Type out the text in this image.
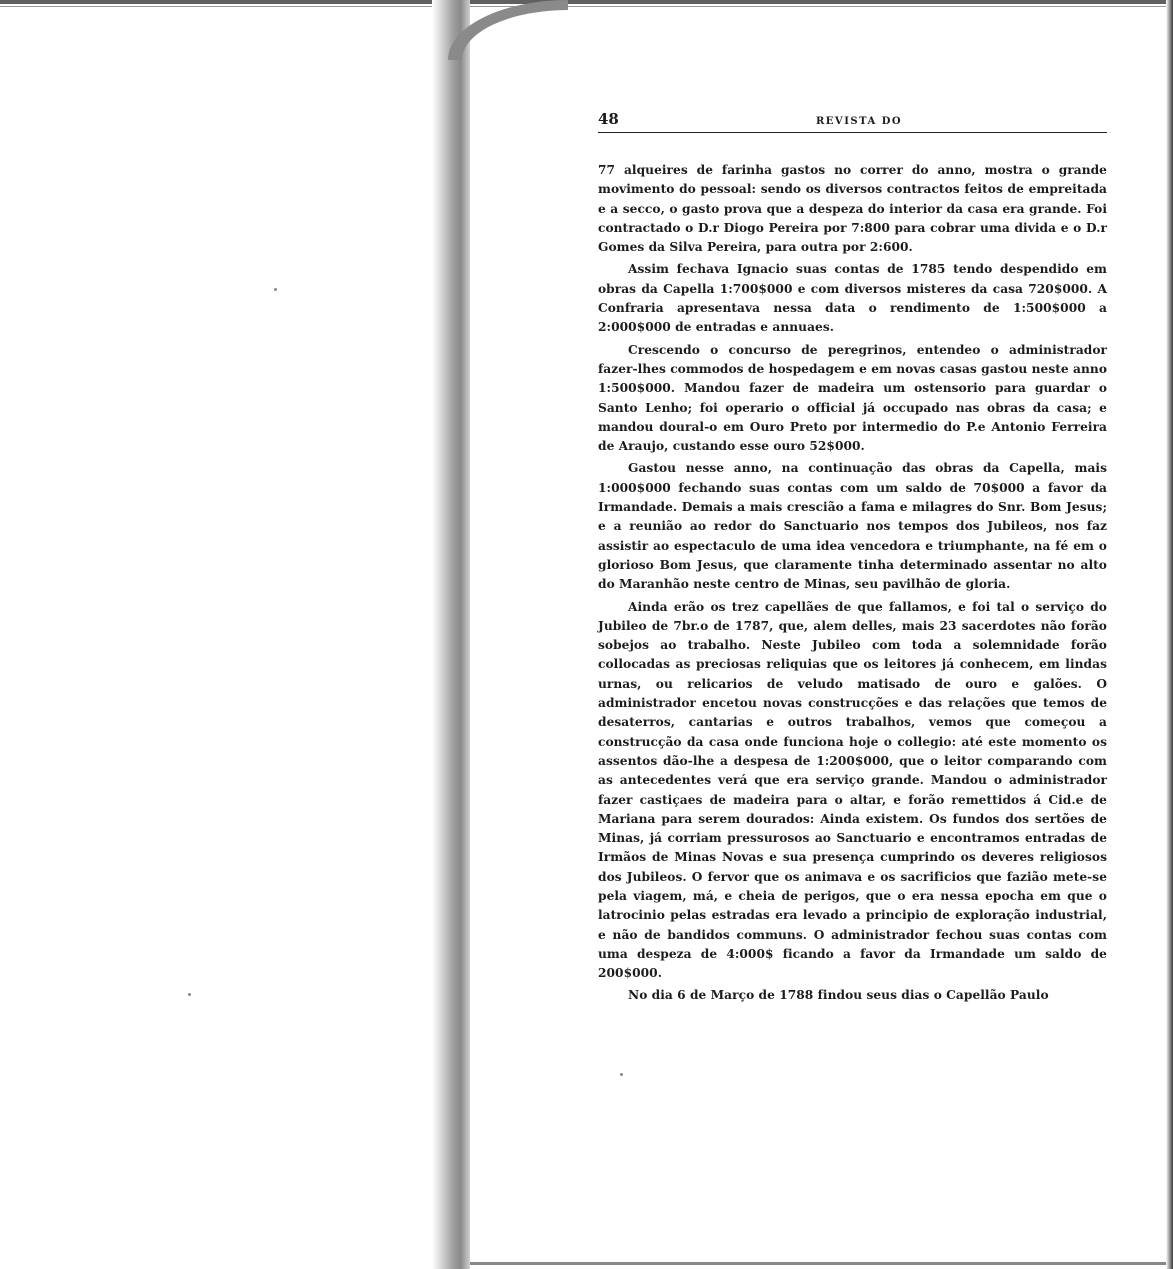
48	REVISTA DO

77 alqueires de farinha gastos no correr do anno, mostra o grande movimento do pessoal: sendo os diversos contractos feitos de empreitada e a secco, o gasto prova que a despeza do interior da casa era grande. Foi contractado o D.r Diogo Pereira por 7:800 para cobrar uma divida e o D.r Gomes da Silva Pereira, para outra por 2:600.

Assim fechava Ignacio suas contas de 1785 tendo despendido em obras da Capella 1:700$000 e com diversos misteres da casa 720$000. A Confraria apresentava nessa data o rendimento de 1:500$000 a 2:000$000 de entradas e annuaes.

Crescendo o concurso de peregrinos, entendeo o administrador fazer-lhes commodos de hospedagem e em novas casas gastou neste anno 1:500$000. Mandou fazer de madeira um ostensorio para guardar o Santo Lenho; foi operario o official já occupado nas obras da casa; e mandou doural-o em Ouro Preto por intermedio do P.e Antonio Ferreira de Araujo, custando esse ouro 52$000.

Gastou nesse anno, na continuação das obras da Capella, mais 1:000$000 fechando suas contas com um saldo de 70$000 a favor da Irmandade. Demais a mais crescião a fama e milagres do Snr. Bom Jesus; e a reunião ao redor do Sanctuario nos tempos dos Jubileos, nos faz assistir ao espectaculo de uma idea vencedora e triumphante, na fé em o glorioso Bom Jesus, que claramente tinha determinado assentar no alto do Maranhão neste centro de Minas, seu pavilhão de gloria.

Ainda erão os trez capellães de que fallamos, e foi tal o serviço do Jubileo de 7br.o de 1787, que, alem delles, mais 23 sacerdotes não forão sobejos ao trabalho. Neste Jubileo com toda a solemnidade forão collocadas as preciosas reliquias que os leitores já conhecem, em lindas urnas, ou relicarios de veludo matisado de ouro e galões. O administrador encetou novas construcções e das relações que temos de desaterros, cantarias e outros trabalhos, vemos que começou a construcção da casa onde funciona hoje o collegio: até este momento os assentos dão-lhe a despesa de 1:200$000, que o leitor comparando com as antecedentes verá que era serviço grande. Mandou o administrador fazer castiçaes de madeira para o altar, e forão remettidos á Cid.e de Mariana para serem dourados: Ainda existem. Os fundos dos sertões de Minas, já corriam pressurosos ao Sanctuario e encontramos entradas de Irmãos de Minas Novas e sua presença cumprindo os deveres religiosos dos Jubileos. O fervor que os animava e os sacrificios que fazião mete-se pela viagem, má, e cheia de perigos, que o era nessa epocha em que o latrocinio pelas estradas era levado a principio de exploração industrial, e não de bandidos communs. O administrador fechou suas contas com uma despeza de 4:000$ ficando a favor da Irmandade um saldo de 200$000.

No dia 6 de Março de 1788 findou seus dias o Capellão Paulo
